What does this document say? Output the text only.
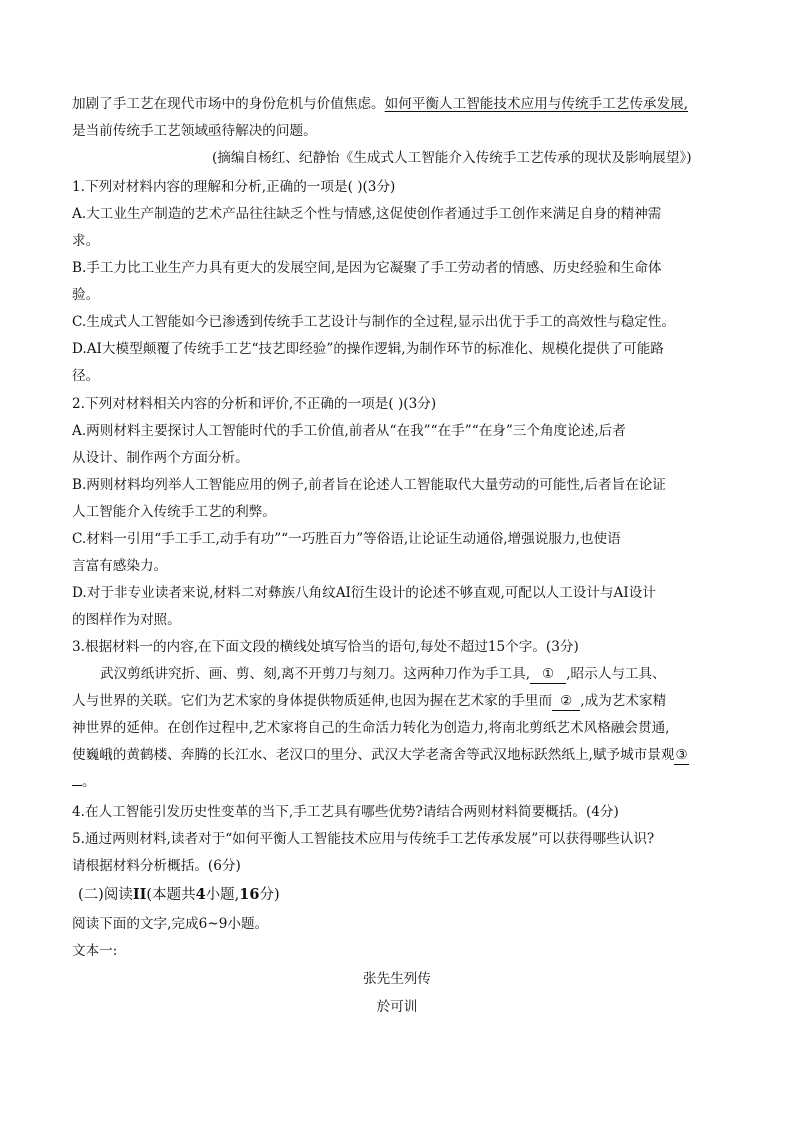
加剧了手工艺在现代市场中的身份危机与价值焦虑。如何平衡人工智能技术应用与传统手工艺传承发展,
是当前传统手工艺领域亟待解决的问题。
(摘编自杨红、纪静怡《生成式人工智能介入传统手工艺传承的现状及影响展望》)
1.下列对材料内容的理解和分析,正确的一项是( )(3分)
A.大工业生产制造的艺术产品往往缺乏个性与情感,这促使创作者通过手工创作来满足自身的精神需
求。
B.手工力比工业生产力具有更大的发展空间,是因为它凝聚了手工劳动者的情感、历史经验和生命体
验。
C.生成式人工智能如今已渗透到传统手工艺设计与制作的全过程,显示出优于手工的高效性与稳定性。
D.AI大模型颠覆了传统手工艺“技艺即经验”的操作逻辑,为制作环节的标准化、规模化提供了可能路
径。
2.下列对材料相关内容的分析和评价,不正确的一项是( )(3分)
A.两则材料主要探讨人工智能时代的手工价值,前者从“在我”“在手”“在身”三个角度论述,后者
从设计、制作两个方面分析。
B.两则材料均列举人工智能应用的例子,前者旨在论述人工智能取代大量劳动的可能性,后者旨在论证
人工智能介入传统手工艺的利弊。
C.材料一引用“手工手工,动手有功”“一巧胜百力”等俗语,让论证生动通俗,增强说服力,也使语
言富有感染力。
D.对于非专业读者来说,材料二对彝族八角纹AI衍生设计的论述不够直观,可配以人工设计与AI设计
的图样作为对照。
3.根据材料一的内容,在下面文段的横线处填写恰当的语句,每处不超过15个字。(3分)
武汉剪纸讲究折、画、剪、刻,离不开剪刀与刻刀。这两种刀作为手工具, ① ,昭示人与工具、
人与世界的关联。它们为艺术家的身体提供物质延伸,也因为握在艺术家的手里而 ② ,成为艺术家精
神世界的延伸。在创作过程中,艺术家将自己的生命活力转化为创造力,将南北剪纸艺术风格融会贯通,
使巍峨的黄鹤楼、奔腾的长江水、老汉口的里分、武汉大学老斋舍等武汉地标跃然纸上,赋予城市景观③
。
4.在人工智能引发历史性变革的当下,手工艺具有哪些优势?请结合两则材料简要概括。(4分)
5.通过两则材料,读者对于“如何平衡人工智能技术应用与传统手工艺传承发展”可以获得哪些认识?
请根据材料分析概括。(6分)
(二)阅读II(本题共4小题,16分)
阅读下面的文字,完成6~9小题。
文本一:
张先生列传
於可训
